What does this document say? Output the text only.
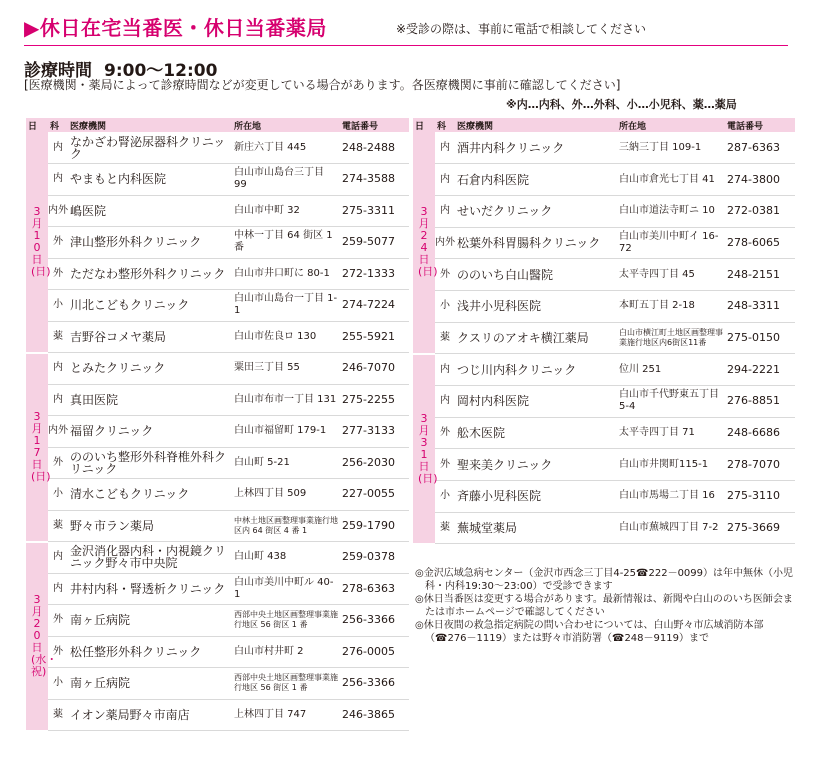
▶休日在宅当番医・休日当番薬局	※受診の際は、事前に電話で相談してください
診療時間 9:00～12:00
[医療機関・薬局によって診療時間などが変更している場合があります。各医療機関に事前に確認してください]
※内…内科、外…外科、小…小児科、薬…薬局
日	科	医療機関	所在地	電話番号
3月10日(日)	内	なかざわ腎泌尿器科クリニック	新庄六丁目 445	248-2488
	内	やまもと内科医院	白山市山島台三丁目 99	274-3588
	内外	嶋医院	白山市中町 32	275-3311
	外	津山整形外科クリニック	中林一丁目 64 街区 1 番	259-5077
	外	ただなわ整形外科クリニック	白山市井口町に 80-1	272-1333
	小	川北こどもクリニック	白山市山島台一丁目 1-1	274-7224
	薬	吉野谷コメヤ薬局	白山市佐良ロ 130	255-5921
3月17日(日)	内	とみたクリニック	粟田三丁目 55	246-7070
	内	真田医院	白山市布市一丁目 131	275-2255
	内外	福留クリニック	白山市福留町 179-1	277-3133
	外	ののいち整形外科脊椎外科クリニック	白山町 5-21	256-2030
	小	清水こどもクリニック	上林四丁目 509	227-0055
	薬	野々市ラン薬局	中林土地区画整理事業施行地区内 64 街区 4 番 1	259-1790
3月20日(水・祝)	内	金沢消化器内科・内視鏡クリニック野々市中央院	白山町 438	259-0378
	内	井村内科・腎透析クリニック	白山市美川中町ル 40-1	278-6363
	外	南ヶ丘病院	西部中央土地区画整理事業施行地区 56 街区 1 番	256-3366
	外	松任整形外科クリニック	白山市村井町 2	276-0005
	小	南ヶ丘病院	西部中央土地区画整理事業施行地区 56 街区 1 番	256-3366
	薬	イオン薬局野々市南店	上林四丁目 747	246-3865
日	科	医療機関	所在地	電話番号
3月24日(日)	内	酒井内科クリニック	三納三丁目 109-1	287-6363
	内	石倉内科医院	白山市倉光七丁目 41	274-3800
	内	せいだクリニック	白山市道法寺町ニ 10	272-0381
	内外	松葉外科胃腸科クリニック	白山市美川中町イ 16-72	278-6065
	外	ののいち白山醫院	太平寺四丁目 45	248-2151
	小	浅井小児科医院	本町五丁目 2-18	248-3311
	薬	クスリのアオキ横江薬局	白山市横江町土地区画整理事業施行地区内6街区11番	275-0150
3月31日(日)	内	つじ川内科クリニック	位川 251	294-2221
	内	岡村内科医院	白山市千代野東五丁目 5-4	276-8851
	外	舩木医院	太平寺四丁目 71	248-6686
	外	聖来美クリニック	白山市井関町115-1	278-7070
	小	斉藤小児科医院	白山市馬場二丁目 16	275-3110
	薬	蕪城堂薬局	白山市蕪城四丁目 7-2	275-3669

◎金沢広域急病センター（金沢市西念三丁目4-25☎222－0099）は年中無休（小児科・内科19:30～23:00）で受診できます

◎休日当番医は変更する場合があります。最新情報は、新聞や白山ののいち医師会または市ホームページで確認してください

◎休日夜間の救急指定病院の問い合わせについては、白山野々市広域消防本部（☎276－1119）または野々市消防署（☎248－9119）まで
